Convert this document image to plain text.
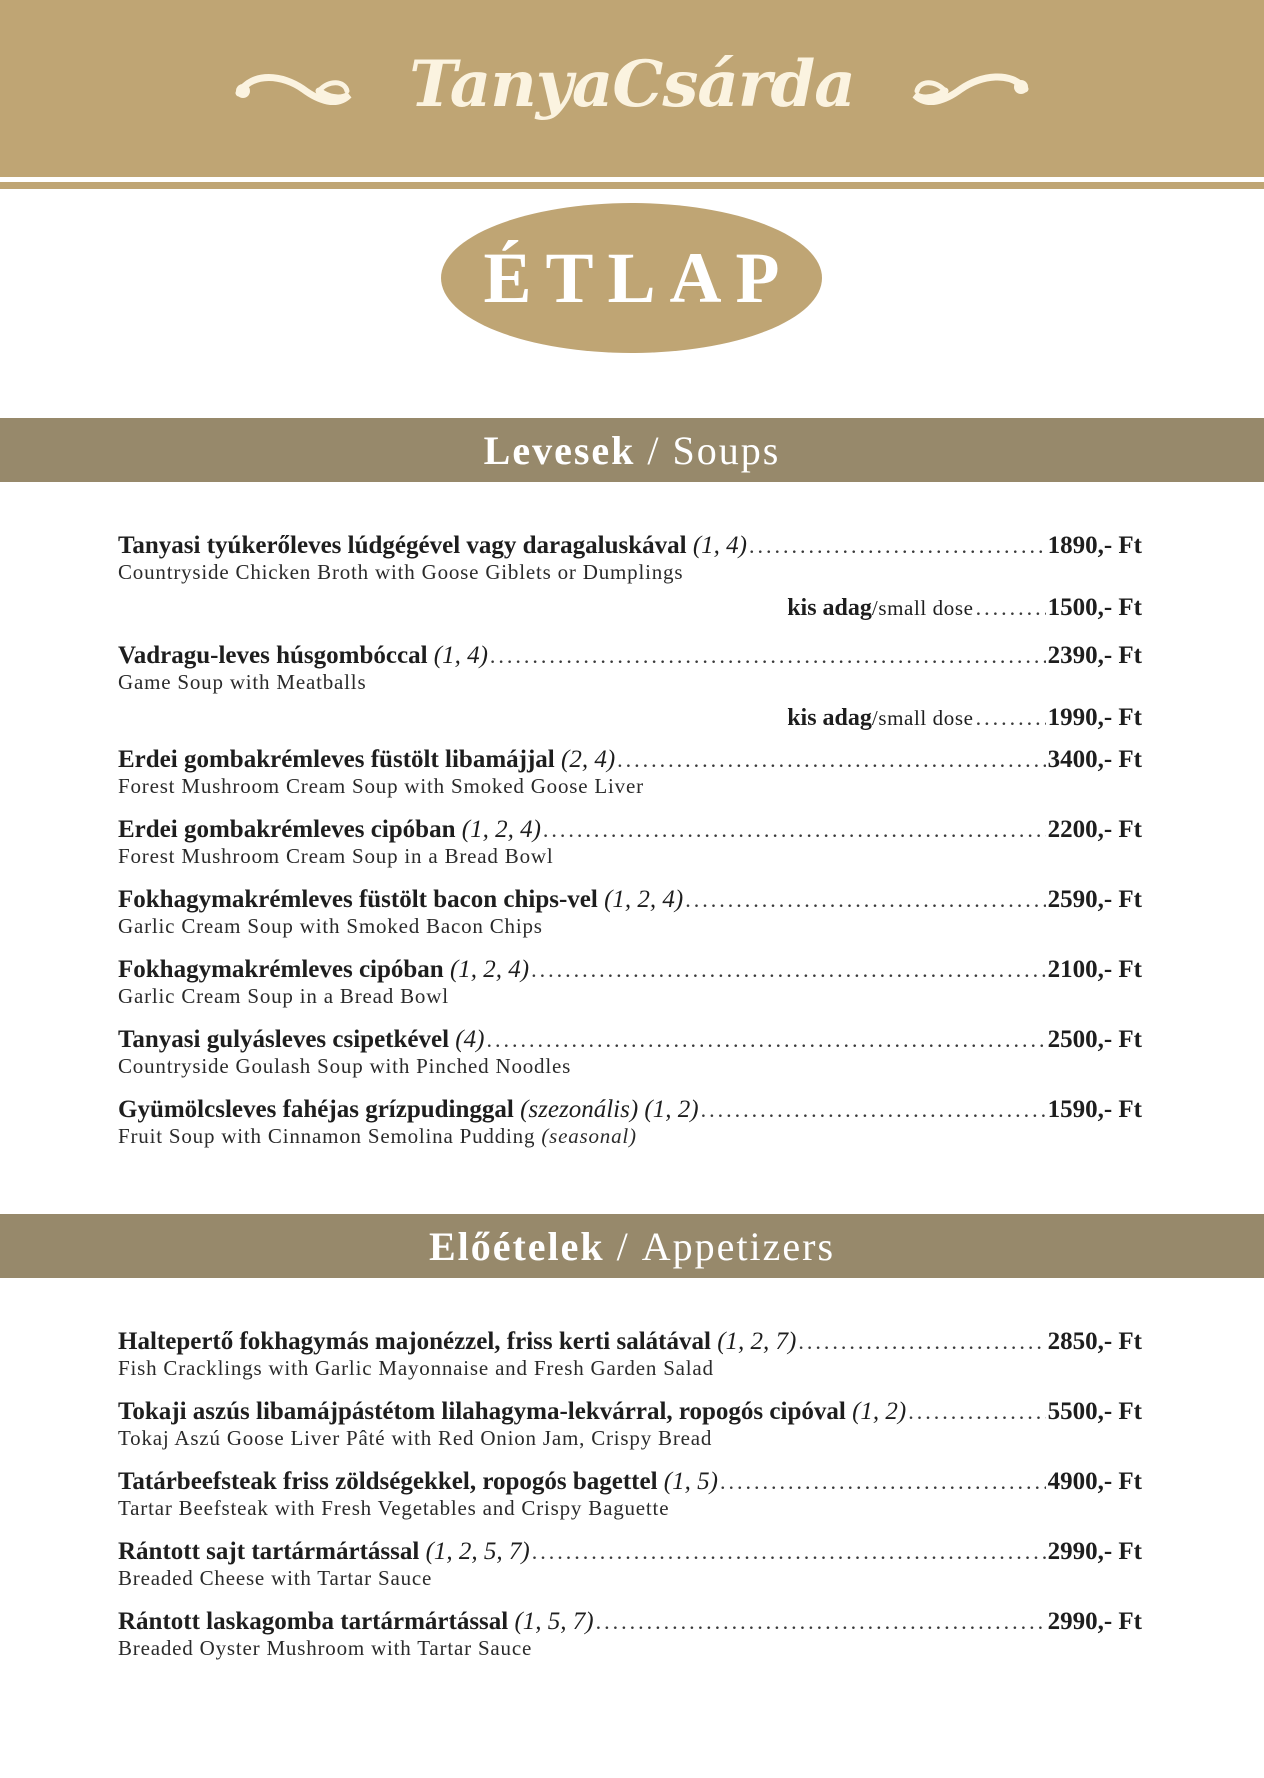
TanyaCsárda
ÉTLAP
Levesek / Soups
Tanyasi tyúkerőleves lúdgégével vagy daragaluskával (1, 4) .....	1890,- Ft
Countryside Chicken Broth with Goose Giblets or Dumplings
kis adag / small dose .....	1500,- Ft
Vadragu-leves húsgombóccal (1, 4) .....	2390,- Ft
Game Soup with Meatballs
kis adag / small dose .....	1990,- Ft
Erdei gombakrémleves füstölt libamájjal (2, 4) .....	3400,- Ft
Forest Mushroom Cream Soup with Smoked Goose Liver
Erdei gombakrémleves cipóban (1, 2, 4) .....	2200,- Ft
Forest Mushroom Cream Soup in a Bread Bowl
Fokhagymakrémleves füstölt bacon chips-vel (1, 2, 4) .....	2590,- Ft
Garlic Cream Soup with Smoked Bacon Chips
Fokhagymakrémleves cipóban (1, 2, 4) .....	2100,- Ft
Garlic Cream Soup in a Bread Bowl
Tanyasi gulyásleves csipetkével (4) .....	2500,- Ft
Countryside Goulash Soup with Pinched Noodles
Gyümölcsleves fahéjas grízpudinggal (szezonális) (1, 2) .....	1590,- Ft
Fruit Soup with Cinnamon Semolina Pudding (seasonal)
Előételek / Appetizers
Haltepertő fokhagymás majonézzel, friss kerti salátával (1, 2, 7) .....	2850,- Ft
Fish Cracklings with Garlic Mayonnaise and Fresh Garden Salad
Tokaji aszús libamájpástétom lilahagyma-lekvárral, ropogós cipóval (1, 2) .....	5500,- Ft
Tokaj Aszú Goose Liver Pâté with Red Onion Jam, Crispy Bread
Tatárbeefsteak friss zöldségekkel, ropogós bagettel (1, 5) .....	4900,- Ft
Tartar Beefsteak with Fresh Vegetables and Crispy Baguette
Rántott sajt tartármártással (1, 2, 5, 7) .....	2990,- Ft
Breaded Cheese with Tartar Sauce
Rántott laskagomba tartármártással (1, 5, 7) .....	2990,- Ft
Breaded Oyster Mushroom with Tartar Sauce
